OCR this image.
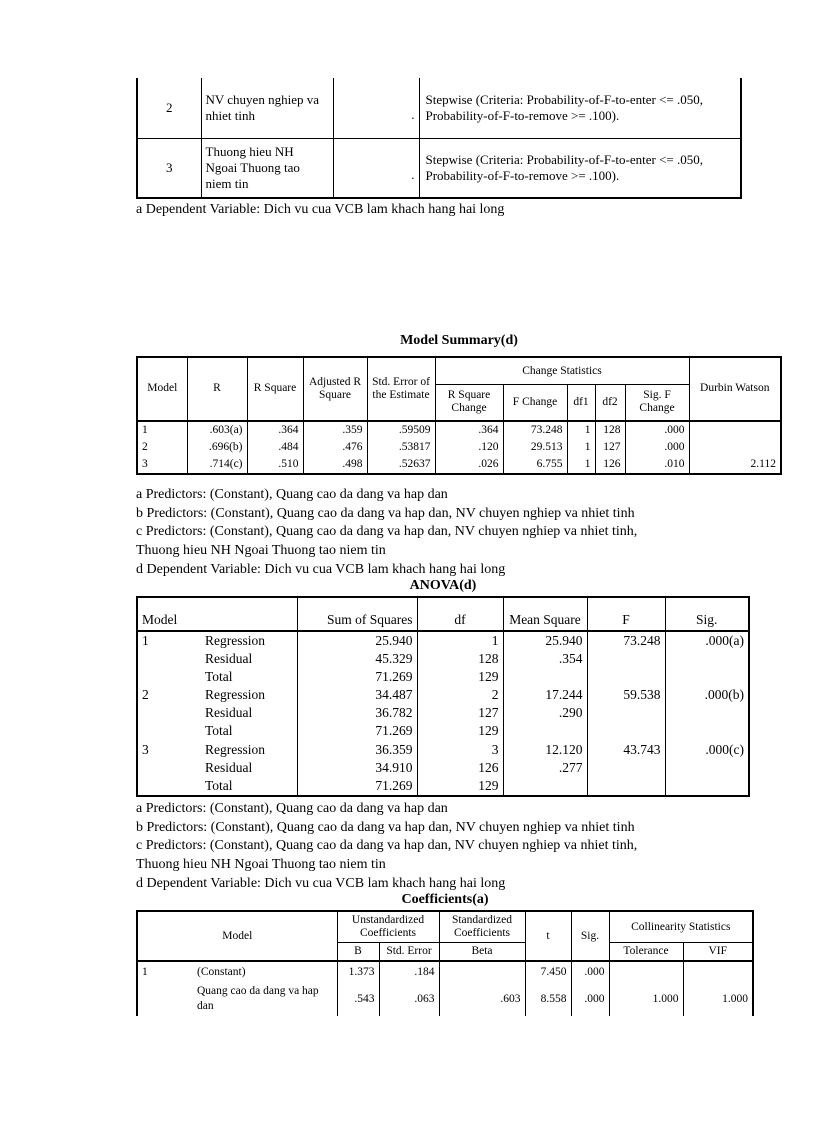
2	NV chuyen nghiep va nhiet tinh	.	Stepwise (Criteria: Probability-of-F-to-enter <= .050, Probability-of-F-to-remove >= .100).
3	Thuong hieu NH Ngoai Thuong tao niem tin	.	Stepwise (Criteria: Probability-of-F-to-enter <= .050, Probability-of-F-to-remove >= .100).
a Dependent Variable: Dich vu cua VCB lam khach hang hai long
Model Summary(d)
Model	R	R Square	Adjusted R Square	Std. Error of the Estimate	Change Statistics					Durbin Watson
					R Square Change	F Change	df1	df2	Sig. F Change	
1	.603(a)	.364	.359	.59509	.364	73.248	1	128	.000	
2	.696(b)	.484	.476	.53817	.120	29.513	1	127	.000	
3	.714(c)	.510	.498	.52637	.026	6.755	1	126	.010	2.112
a Predictors: (Constant), Quang cao da dang va hap dan
b Predictors: (Constant), Quang cao da dang va hap dan, NV chuyen nghiep va nhiet tinh
c Predictors: (Constant), Quang cao da dang va hap dan, NV chuyen nghiep va nhiet tinh,
Thuong hieu NH Ngoai Thuong tao niem tin
d Dependent Variable: Dich vu cua VCB lam khach hang hai long
ANOVA(d)
Model		Sum of Squares	df	Mean Square	F	Sig.
1	Regression	25.940	1	25.940	73.248	.000(a)
	Residual	45.329	128	.354		
	Total	71.269	129			
2	Regression	34.487	2	17.244	59.538	.000(b)
	Residual	36.782	127	.290		
	Total	71.269	129			
3	Regression	36.359	3	12.120	43.743	.000(c)
	Residual	34.910	126	.277		
	Total	71.269	129			
a Predictors: (Constant), Quang cao da dang va hap dan
b Predictors: (Constant), Quang cao da dang va hap dan, NV chuyen nghiep va nhiet tinh
c Predictors: (Constant), Quang cao da dang va hap dan, NV chuyen nghiep va nhiet tinh,
Thuong hieu NH Ngoai Thuong tao niem tin
d Dependent Variable: Dich vu cua VCB lam khach hang hai long
Coefficients(a)
Model		Unstandardized Coefficients		Standardized Coefficients	t	Sig.	Collinearity Statistics	
		B	Std. Error	Beta			Tolerance	VIF
1	(Constant)	1.373	.184		7.450	.000		
	Quang cao da dang va hap dan	.543	.063	.603	8.558	.000	1.000	1.000
